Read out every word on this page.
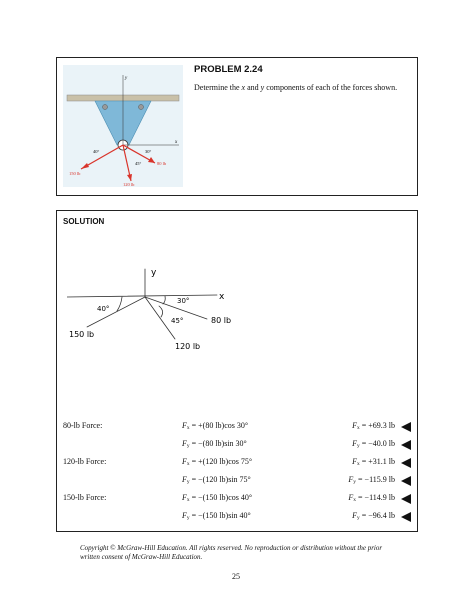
y
x
40°	30°
45°
150 lb
80 lb
120 lb
PROBLEM 2.24
Determine the x and y components of each of the forces shown.
SOLUTION
y
x
40°
30°
45°
150 lb
80 lb
120 lb
80-lb Force:	$F_x = +(80$ lb)cos 30°	$F_x = +69.3$ lb
$F_y = -(80$ lb)sin 30°	$F_y = -40.0$ lb
120-lb Force:	$F_x = +(120$ lb)cos 75°	$F_x = +31.1$ lb
$F_y = -(120$ lb)sin 75°	$F_y = -115.9$ lb
150-lb Force:	$F_x = -(150$ lb)cos 40°	$F_x = -114.9$ lb
$F_y = -(150$ lb)sin 40°	$F_y = -96.4$ lb
Copyright © McGraw-Hill Education. All rights reserved. No reproduction or distribution without the prior written consent of McGraw-Hill Education.
25
